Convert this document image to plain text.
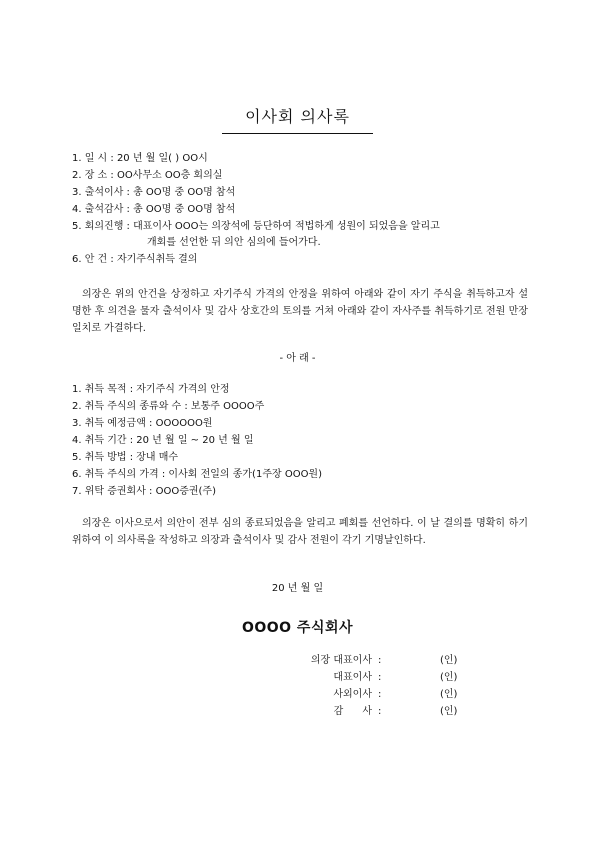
이사회 의사록
1. 일 시 : 20 년 월 일( ) OO시
2. 장 소 : OO사무소 OO층 회의실
3. 출석이사 : 총 OO명 중 OO명 참석
4. 출석감사 : 총 OO명 중 OO명 참석
5. 회의진행 : 대표이사 OOO는 의장석에 등단하여 적법하게 성원이 되었음을 알리고
개회를 선언한 뒤 의안 심의에 들어가다.
6. 안 건 : 자기주식취득 결의
의장은 위의 안건을 상정하고 자기주식 가격의 안정을 위하여 아래와 같이 자기 주식을 취득하고자 설명한 후 의견을 물자 출석이사 및 감사 상호간의 토의를 거쳐 아래와 같이 자사주를 취득하기로 전원 만장일치로 가결하다.
- 아 래 -
1. 취득 목적 : 자기주식 가격의 안정
2. 취득 주식의 종류와 수 : 보통주 OOOO주
3. 취득 예정금액 : OOOOOO원
4. 취득 기간 : 20 년 월 일 ~ 20 년 월 일
5. 취득 방법 : 장내 매수
6. 취득 주식의 가격 : 이사회 전일의 종가(1주장 OOO원)
7. 위탁 증권회사 : OOO증권(주)
의장은 이사으로서 의안이 전부 심의 종료되었음을 알리고 폐회를 선언하다. 이 날 결의를 명확히 하기 위하여 이 의사록을 작성하고 의장과 출석이사 및 감사 전원이 각기 기명날인하다.
20 년 월 일
OOOO 주식회사
의장 대표이사 :	(인)
대표이사 :	(인)
사외이사 :	(인)
감      사 :	(인)
